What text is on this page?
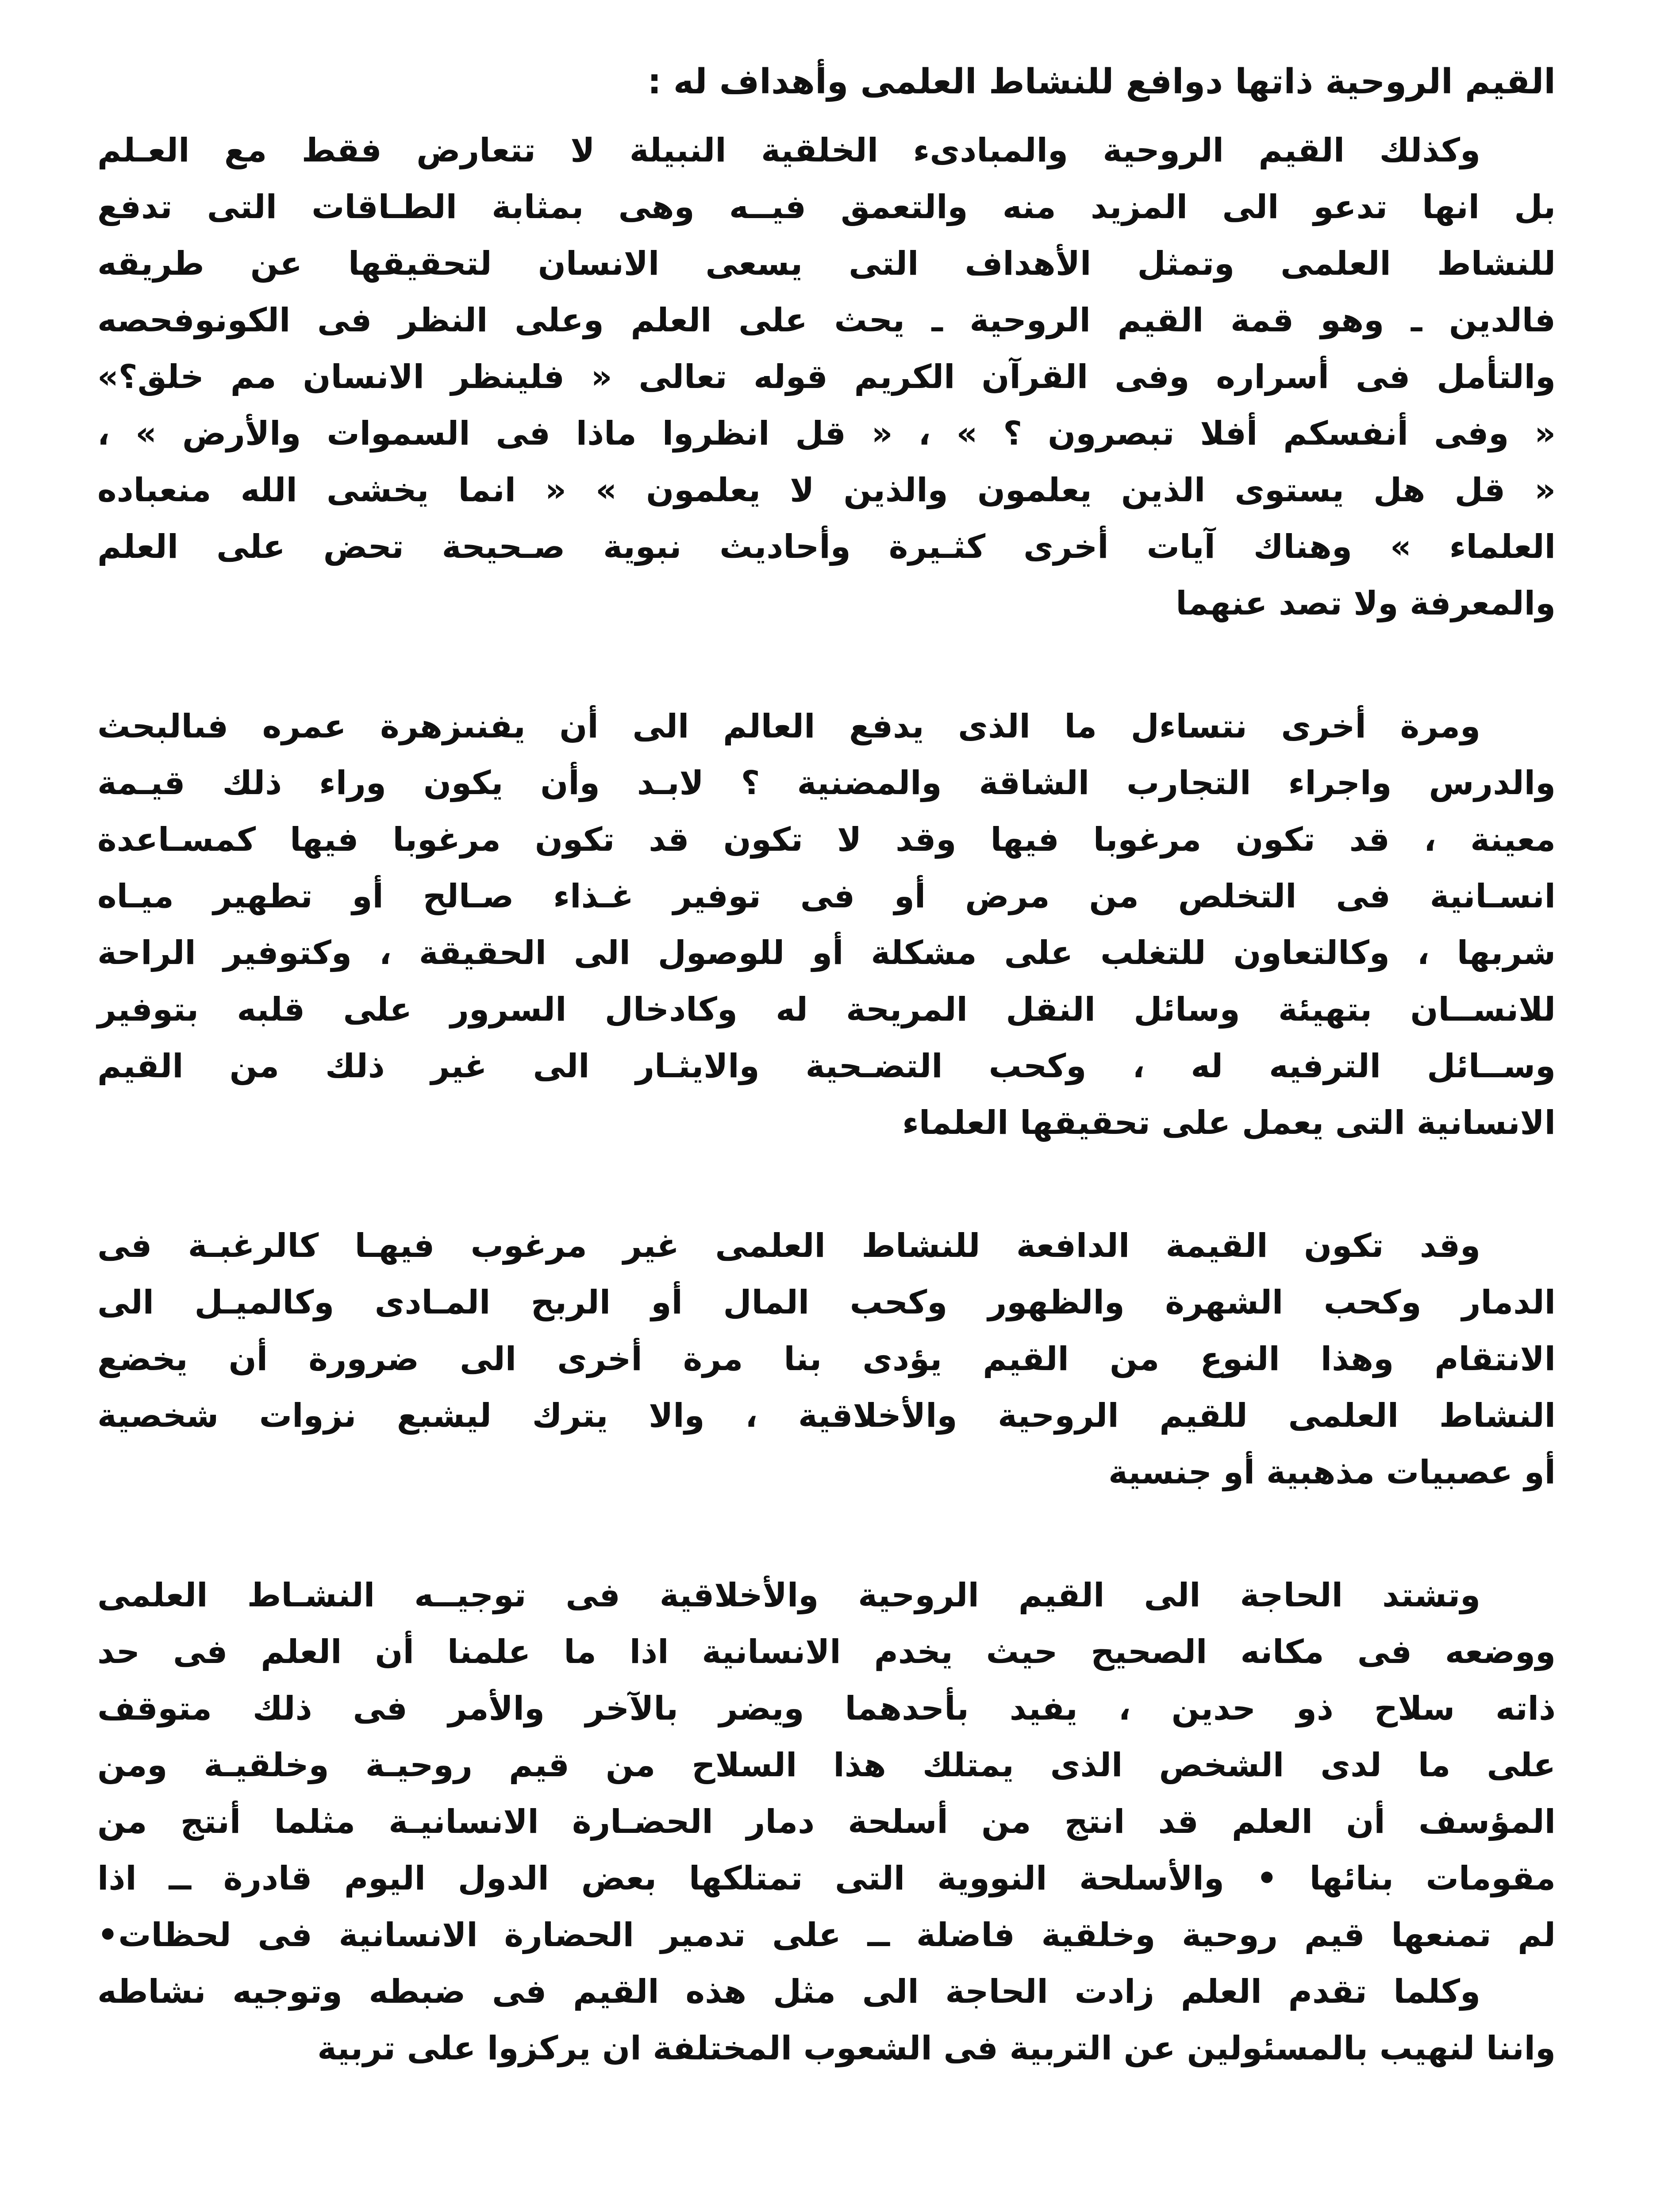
القيم الروحية ذاتها دوافع للنشاط العلمى وأهداف له :
وكذلك القيم الروحية والمبادىء الخلقية النبيلة لا تتعارض فقط مع العـلم
بل انها تدعو الى المزيد منه والتعمق فيــه وهى بمثابة الطـاقات التى تدفع
للنشاط العلمى وتمثل الأهداف التى يسعى الانسان لتحقيقها عن طريقه
فالدين ـ وهو قمة القيم الروحية ـ يحث على العلم وعلى النظر فى الكونوفحصه
والتأمل فى أسراره وفى القرآن الكريم قوله تعالى « فلينظر الانسان مم خلق؟»
« وفى أنفسكم أفلا تبصرون ؟ » ، « قل انظروا ماذا فى السموات والأرض » ،
« قل هل يستوى الذين يعلمون والذين لا يعلمون » « انما يخشى الله منعباده
العلماء » وهناك آيات أخرى كثـيرة وأحاديث نبوية صـحيحة تحض على العلم
والمعرفة ولا تصد عنهما
ومرة أخرى نتساءل ما الذى يدفع العالم الى أن يفنىزهرة عمره فىالبحث
والدرس واجراء التجارب الشاقة والمضنية ؟ لابـد وأن يكون وراء ذلك قيـمة
معينة ، قد تكون مرغوبا فيها وقد لا تكون قد تكون مرغوبا فيها كمسـاعدة
انسـانية فى التخلص من مرض أو فى توفير غـذاء صـالح أو تطهير ميـاه
شربها ، وكالتعاون للتغلب على مشكلة أو للوصول الى الحقيقة ، وكتوفير الراحة
للانســان بتهيئة وسائل النقل المريحة له وكادخال السرور على قلبه بتوفير
وســائل الترفيه له ، وكحب التضـحية والايثـار الى غير ذلك من القيم
الانسانية التى يعمل على تحقيقها العلماء
وقد تكون القيمة الدافعة للنشاط العلمى غير مرغوب فيهـا كالرغبـة فى
الدمار وكحب الشهرة والظهور وكحب المال أو الربح المـادى وكالميـل الى
الانتقام وهذا النوع من القيم يؤدى بنا مرة أخرى الى ضرورة أن يخضع
النشاط العلمى للقيم الروحية والأخلاقية ، والا يترك ليشبع نزوات شخصية
أو عصبيات مذهبية أو جنسية
وتشتد الحاجة الى القيم الروحية والأخلاقية فى توجيــه النشـاط العلمى
ووضعه فى مكانه الصحيح حيث يخدم الانسانية اذا ما علمنا أن العلم فى حد
ذاته سلاح ذو حدين ، يفيد بأحدهما ويضر بالآخر والأمر فى ذلك متوقف
على ما لدى الشخص الذى يمتلك هذا السلاح من قيم روحيـة وخلقيـة ومن
المؤسف أن العلم قد انتج من أسلحة دمار الحضـارة الانسانيـة مثلما أنتج من
مقومات بنائها • والأسلحة النووية التى تمتلكها بعض الدول اليوم قادرة ــ اذا
لم تمنعها قيم روحية وخلقية فاضلة ــ على تدمير الحضارة الانسانية فى لحظات•
وكلما تقدم العلم زادت الحاجة الى مثل هذه القيم فى ضبطه وتوجيه نشاطه
واننا لنهيب بالمسئولين عن التربية فى الشعوب المختلفة ان يركزوا على تربية
